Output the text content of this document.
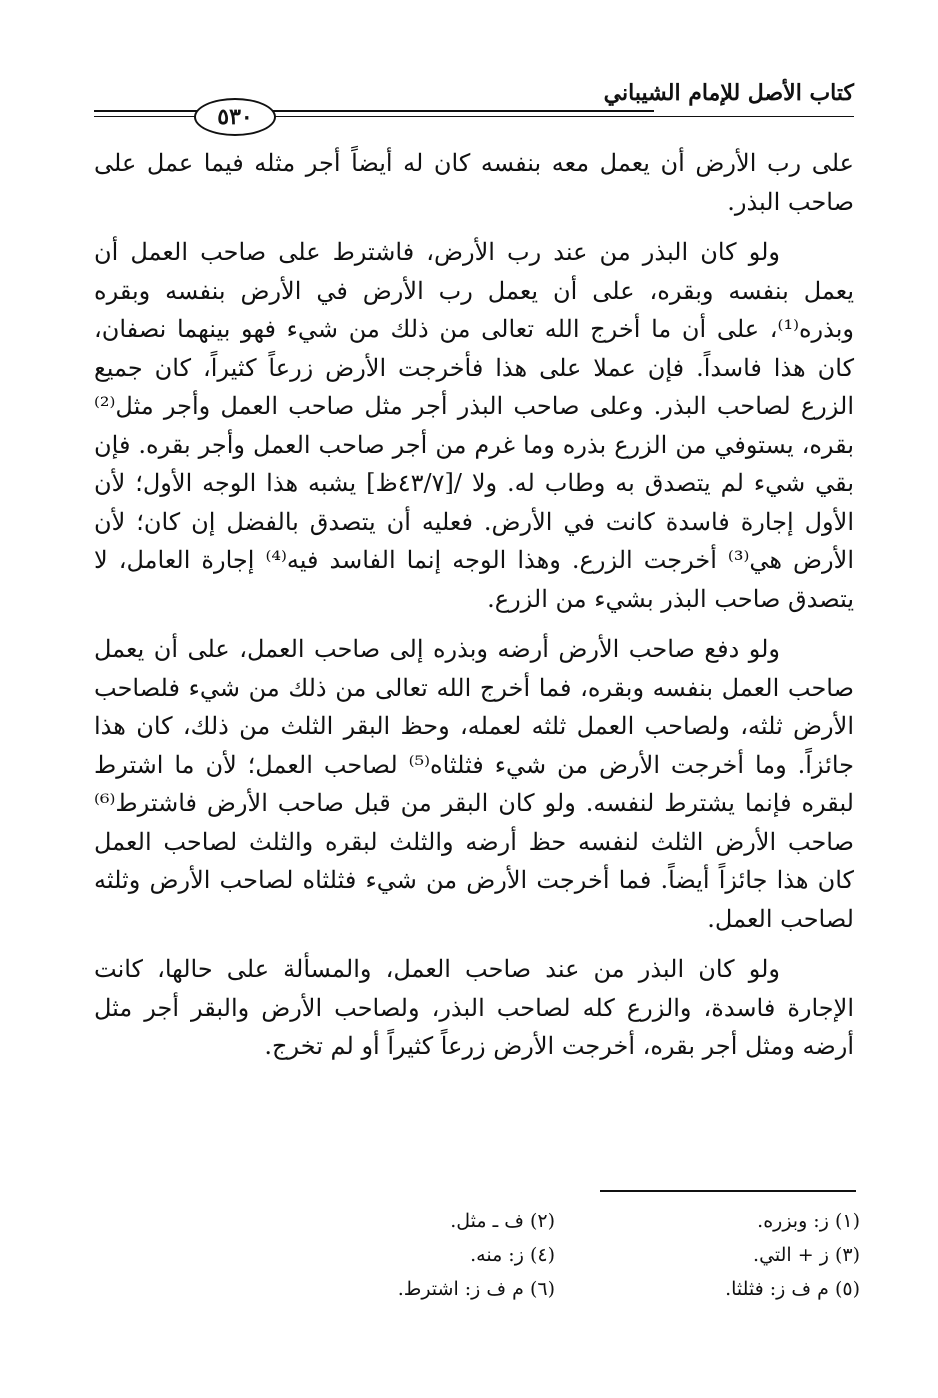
كتاب الأصل للإمام الشيباني
٥٣٠

على رب الأرض أن يعمل معه بنفسه كان له أيضاً أجر مثله فيما عمل على صاحب البذر.

ولو كان البذر من عند رب الأرض، فاشترط على صاحب العمل أن يعمل بنفسه وبقره، على أن يعمل رب الأرض في الأرض بنفسه وبقره وبذره⁽¹⁾، على أن ما أخرج الله تعالى من ذلك من شيء فهو بينهما نصفان، كان هذا فاسداً. فإن عملا على هذا فأخرجت الأرض زرعاً كثيراً، كان جميع الزرع لصاحب البذر. وعلى صاحب البذر أجر مثل صاحب العمل وأجر مثل⁽²⁾ بقره، يستوفي من الزرع بذره وما غرم من أجر صاحب العمل وأجر بقره. فإن بقي شيء لم يتصدق به وطاب له. ولا /[٤٣/٧ظ] يشبه هذا الوجه الأول؛ لأن الأول إجارة فاسدة كانت في الأرض. فعليه أن يتصدق بالفضل إن كان؛ لأن الأرض هي⁽³⁾ أخرجت الزرع. وهذا الوجه إنما الفاسد فيه⁽⁴⁾ إجارة العامل، لا يتصدق صاحب البذر بشيء من الزرع.

ولو دفع صاحب الأرض أرضه وبذره إلى صاحب العمل، على أن يعمل صاحب العمل بنفسه وبقره، فما أخرج الله تعالى من ذلك من شيء فلصاحب الأرض ثلثه، ولصاحب العمل ثلثه لعمله، وحظ البقر الثلث من ذلك، كان هذا جائزاً. وما أخرجت الأرض من شيء فثلثاه⁽⁵⁾ لصاحب العمل؛ لأن ما اشترط لبقره فإنما يشترط لنفسه. ولو كان البقر من قبل صاحب الأرض فاشترط⁽⁶⁾ صاحب الأرض الثلث لنفسه حظ أرضه والثلث لبقره والثلث لصاحب العمل كان هذا جائزاً أيضاً. فما أخرجت الأرض من شيء فثلثاه لصاحب الأرض وثلثه لصاحب العمل.

ولو كان البذر من عند صاحب العمل، والمسألة على حالها، كانت الإجارة فاسدة، والزرع كله لصاحب البذر، ولصاحب الأرض والبقر أجر مثل أرضه ومثل أجر بقره، أخرجت الأرض زرعاً كثيراً أو لم تخرج.

(١) ز: وبزره.
(٢) ف ـ مثل.
(٣) ز + التي.
(٤) ز: منه.
(٥) م ف ز: فثلثا.
(٦) م ف ز: اشترط.
